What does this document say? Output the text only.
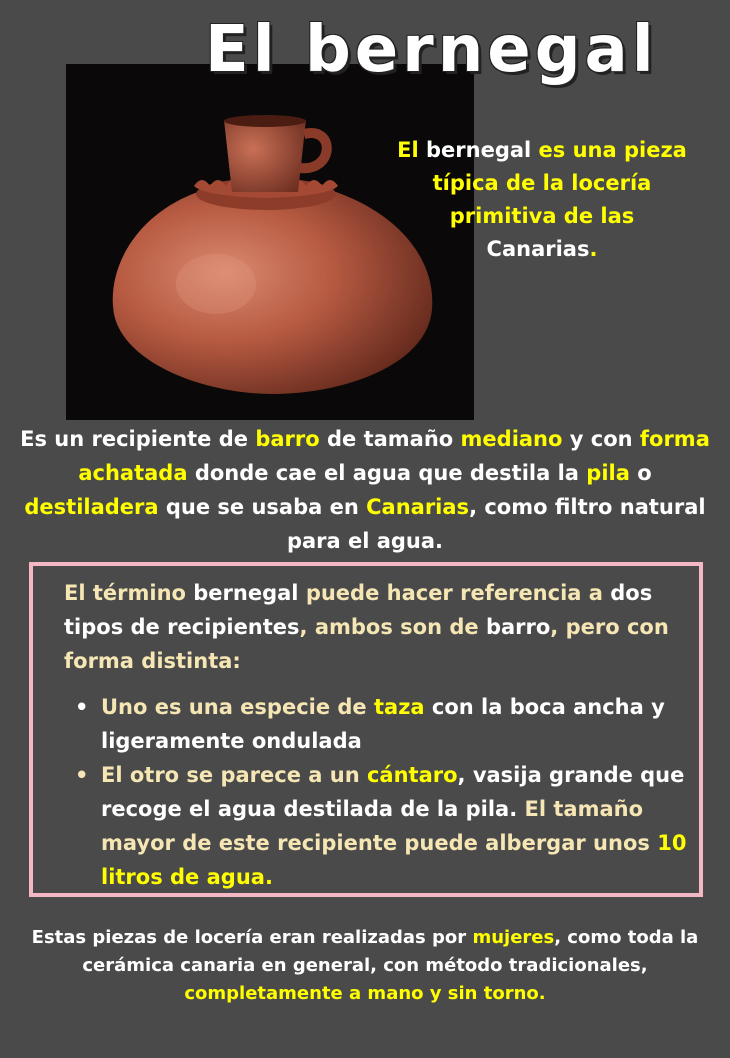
El bernegal
El bernegal es una pieza típica de la locería primitiva de las Canarias.
Es un recipiente de barro de tamaño mediano y con forma achatada donde cae el agua que destila la pila o destiladera que se usaba en Canarias, como filtro natural para el agua.
El término bernegal puede hacer referencia a dos tipos de recipientes, ambos son de barro, pero con forma distinta:
• Uno es una especie de taza con la boca ancha y ligeramente ondulada
• El otro se parece a un cántaro, vasija grande que recoge el agua destilada de la pila. El tamaño mayor de este recipiente puede albergar unos 10 litros de agua.
Estas piezas de locería eran realizadas por mujeres, como toda la cerámica canaria en general, con método tradicionales, completamente a mano y sin torno.
